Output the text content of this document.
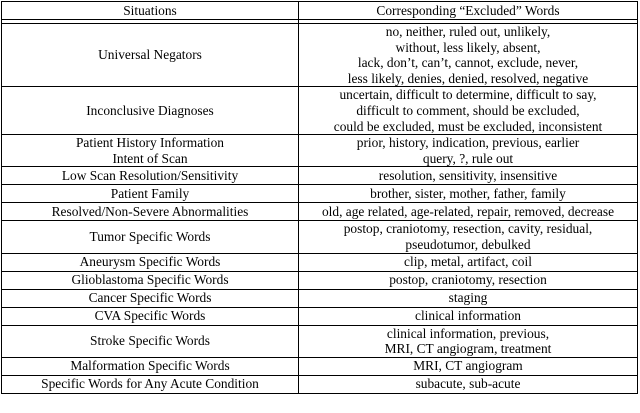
Situations	Corresponding “Excluded” Words

Universal Negators	no, neither, ruled out, unlikely,
without, less likely, absent,
lack, don’t, can’t, cannot, exclude, never,
less likely, denies, denied, resolved, negative

Inconclusive Diagnoses	uncertain, difficult to determine, difficult to say,
difficult to comment, should be excluded,
could be excluded, must be excluded, inconsistent

Patient History Information
Intent of Scan	prior, history, indication, previous, earlier
query, ?, rule out

Low Scan Resolution/Sensitivity	resolution, sensitivity, insensitive
Patient Family	brother, sister, mother, father, family
Resolved/Non-Severe Abnormalities	old, age related, age-related, repair, removed, decrease

Tumor Specific Words	postop, craniotomy, resection, cavity, residual,
pseudotumor, debulked

Aneurysm Specific Words	clip, metal, artifact, coil
Glioblastoma Specific Words	postop, craniotomy, resection
Cancer Specific Words	staging
CVA Specific Words	clinical information

Stroke Specific Words	clinical information, previous,
MRI, CT angiogram, treatment

Malformation Specific Words	MRI, CT angiogram
Specific Words for Any Acute Condition	subacute, sub-acute
